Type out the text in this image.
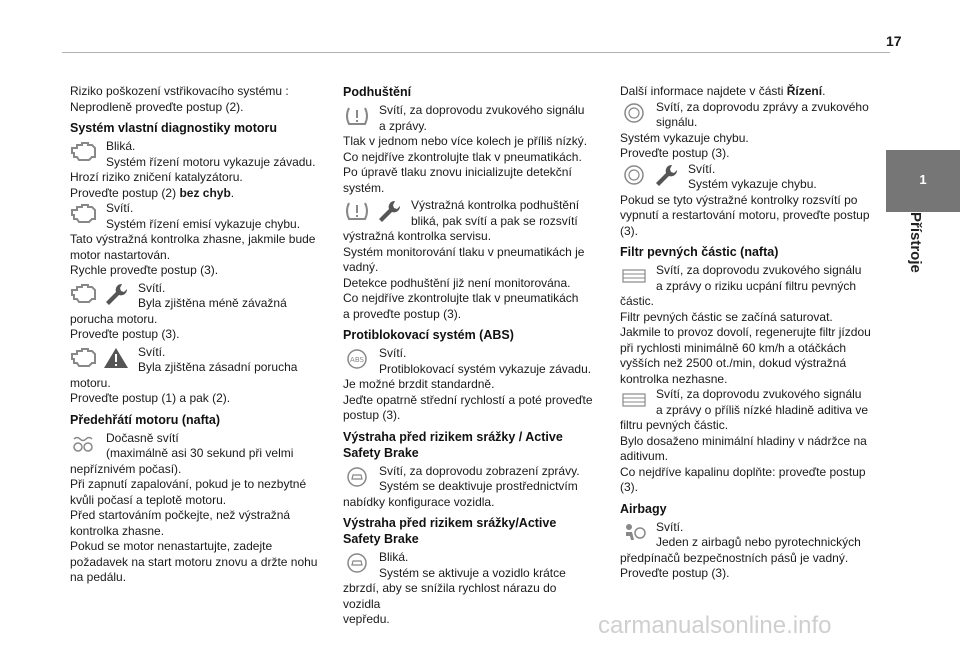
17
1
Přístroje

Riziko poškození vstřikovacího systému :

Neprodleně proveďte postup (2).

Systém vlastní diagnostiky motoru

Bliká.

Systém řízení motoru vykazuje závadu.

Hrozí riziko zničení katalyzátoru.

Proveďte postup (2) bez chyb.

Svítí.

Systém řízení emisí vykazuje chybu.

Tato výstražná kontrolka zhasne, jakmile bude

motor nastartován.

Rychle proveďte postup (3).

Svítí.

Byla zjištěna méně závažná

porucha motoru.

Proveďte postup (3).

Svítí.

Byla zjištěna zásadní porucha

motoru.

Proveďte postup (1) a pak (2).

Předehřátí motoru (nafta)

Dočasně svítí

(maximálně asi 30 sekund při velmi

nepříznivém počasí).

Při zapnutí zapalování, pokud je to nezbytné

kvůli počasí a teplotě motoru.

Před startováním počkejte, než výstražná

kontrolka zhasne.

Pokud se motor nenastartujte, zadejte

požadavek na start motoru znovu a držte nohu

na pedálu.

Podhuštění

Svítí, za doprovodu zvukového signálu

a zprávy.

Tlak v jednom nebo více kolech je příliš nízký.

Co nejdříve zkontrolujte tlak v pneumatikách.

Po úpravě tlaku znovu inicializujte detekční

systém.

Výstražná kontrolka podhuštění

bliká, pak svítí a pak se rozsvítí

výstražná kontrolka servisu.

Systém monitorování tlaku v pneumatikách je

vadný.

Detekce podhuštění již není monitorována.

Co nejdříve zkontrolujte tlak v pneumatikách

a proveďte postup (3).

Protiblokovací systém (ABS)
ABS	Svítí.

Protiblokovací systém vykazuje závadu.

Je možné brzdit standardně.

Jeďte opatrně střední rychlostí a poté proveďte

postup (3).

Výstraha před rizikem srážky / Active Safety Brake

Svítí, za doprovodu zobrazení zprávy.

Systém se deaktivuje prostřednictvím

nabídky konfigurace vozidla.

Výstraha před rizikem srážky/Active Safety Brake

Bliká.

Systém se aktivuje a vozidlo krátce

zbrzdí, aby se snížila rychlost nárazu do vozidla

vepředu.

Další informace najdete v části Řízení.

Svítí, za doprovodu zprávy a zvukového

signálu.

Systém vykazuje chybu.

Proveďte postup (3).

Svítí.

Systém vykazuje chybu.

Pokud se tyto výstražné kontrolky rozsvítí po

vypnutí a restartování motoru, proveďte postup

(3).

Filtr pevných částic (nafta)

Svítí, za doprovodu zvukového signálu

a zprávy o riziku ucpání filtru pevných

částic.

Filtr pevných částic se začíná saturovat.

Jakmile to provoz dovolí, regenerujte filtr jízdou

při rychlosti minimálně 60 km/h a otáčkách

vyšších než 2500 ot./min, dokud výstražná

kontrolka nezhasne.

Svítí, za doprovodu zvukového signálu

a zprávy o příliš nízké hladině aditiva ve

filtru pevných částic.

Bylo dosaženo minimální hladiny v nádržce na

aditivum.

Co nejdříve kapalinu doplňte: proveďte postup

(3).

Airbagy

Svítí.

Jeden z airbagů nebo pyrotechnických

předpínačů bezpečnostních pásů je vadný.

Proveďte postup (3).

carmanualsonline.info
